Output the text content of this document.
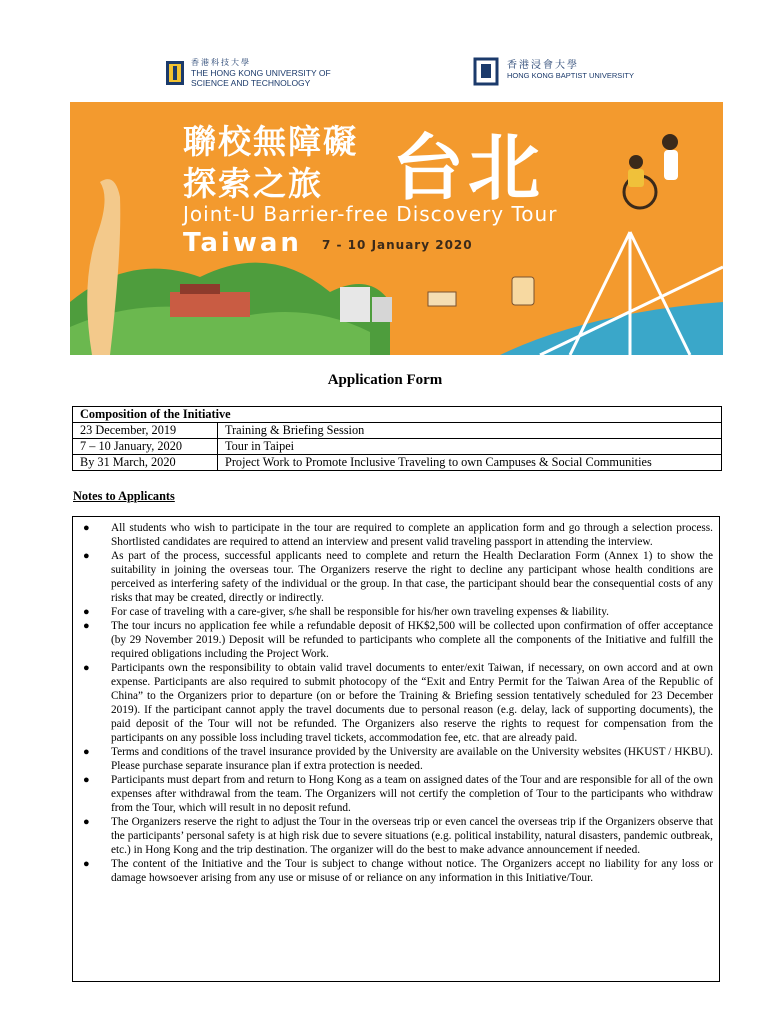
香港科技大學
THE HONG KONG UNIVERSITY OF
SCIENCE AND TECHNOLOGY
香港浸會大學
HONG KONG BAPTIST UNIVERSITY
聯校無障礙
探索之旅 台北
Joint-U Barrier-free Discovery Tour
Taiwan 7 - 10 January 2020
Application Form
Composition of the Initiative	
23 December, 2019	Training & Briefing Session
7 – 10 January, 2020	Tour in Taipei
By 31 March, 2020	Project Work to Promote Inclusive Traveling to own Campuses & Social Communities
Notes to Applicants
● All students who wish to participate in the tour are required to complete an application form and go through a selection process. Shortlisted candidates are required to attend an interview and present valid traveling passport in attending the interview.
● As part of the process, successful applicants need to complete and return the Health Declaration Form (Annex 1) to show the suitability in joining the overseas tour. The Organizers reserve the right to decline any participant whose health conditions are perceived as interfering safety of the individual or the group. In that case, the participant should bear the consequential costs of any risks that may be created, directly or indirectly.
● For case of traveling with a care-giver, s/he shall be responsible for his/her own traveling expenses & liability.
● The tour incurs no application fee while a refundable deposit of HK$2,500 will be collected upon confirmation of offer acceptance (by 29 November 2019.) Deposit will be refunded to participants who complete all the components of the Initiative and fulfill the required obligations including the Project Work.
● Participants own the responsibility to obtain valid travel documents to enter/exit Taiwan, if necessary, on own accord and at own expense. Participants are also required to submit photocopy of the “Exit and Entry Permit for the Taiwan Area of the Republic of China” to the Organizers prior to departure (on or before the Training & Briefing session tentatively scheduled for 23 December 2019). If the participant cannot apply the travel documents due to personal reason (e.g. delay, lack of supporting documents), the paid deposit of the Tour will not be refunded. The Organizers also reserve the rights to request for compensation from the participants on any possible loss including travel tickets, accommodation fee, etc. that are already paid.
● Terms and conditions of the travel insurance provided by the University are available on the University websites (HKUST / HKBU). Please purchase separate insurance plan if extra protection is needed.
● Participants must depart from and return to Hong Kong as a team on assigned dates of the Tour and are responsible for all of the own expenses after withdrawal from the team. The Organizers will not certify the completion of Tour to the participants who withdraw from the Tour, which will result in no deposit refund.
● The Organizers reserve the right to adjust the Tour in the overseas trip or even cancel the overseas trip if the Organizers observe that the participants’ personal safety is at high risk due to severe situations (e.g. political instability, natural disasters, pandemic outbreak, etc.) in Hong Kong and the trip destination. The organizer will do the best to make advance announcement if needed.
● The content of the Initiative and the Tour is subject to change without notice. The Organizers accept no liability for any loss or damage howsoever arising from any use or misuse of or reliance on any information in this Initiative/Tour.
